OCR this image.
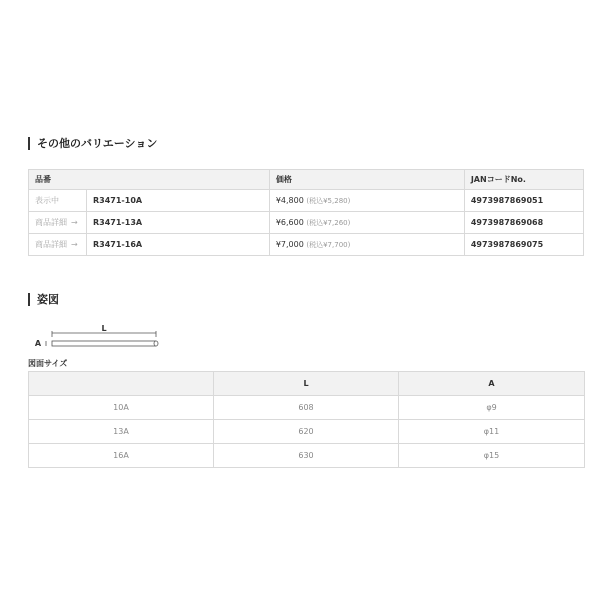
その他のバリエーション
品番		価格	JANコードNo.
表示中	R3471-10A	¥4,800 (税込¥5,280)	4973987869051
商品詳細 →	R3471-13A	¥6,600 (税込¥7,260)	4973987869068
商品詳細 →	R3471-16A	¥7,000 (税込¥7,700)	4973987869075
姿図
L
A
図面サイズ
	L	A
10A	608	φ9
13A	620	φ11
16A	630	φ15
